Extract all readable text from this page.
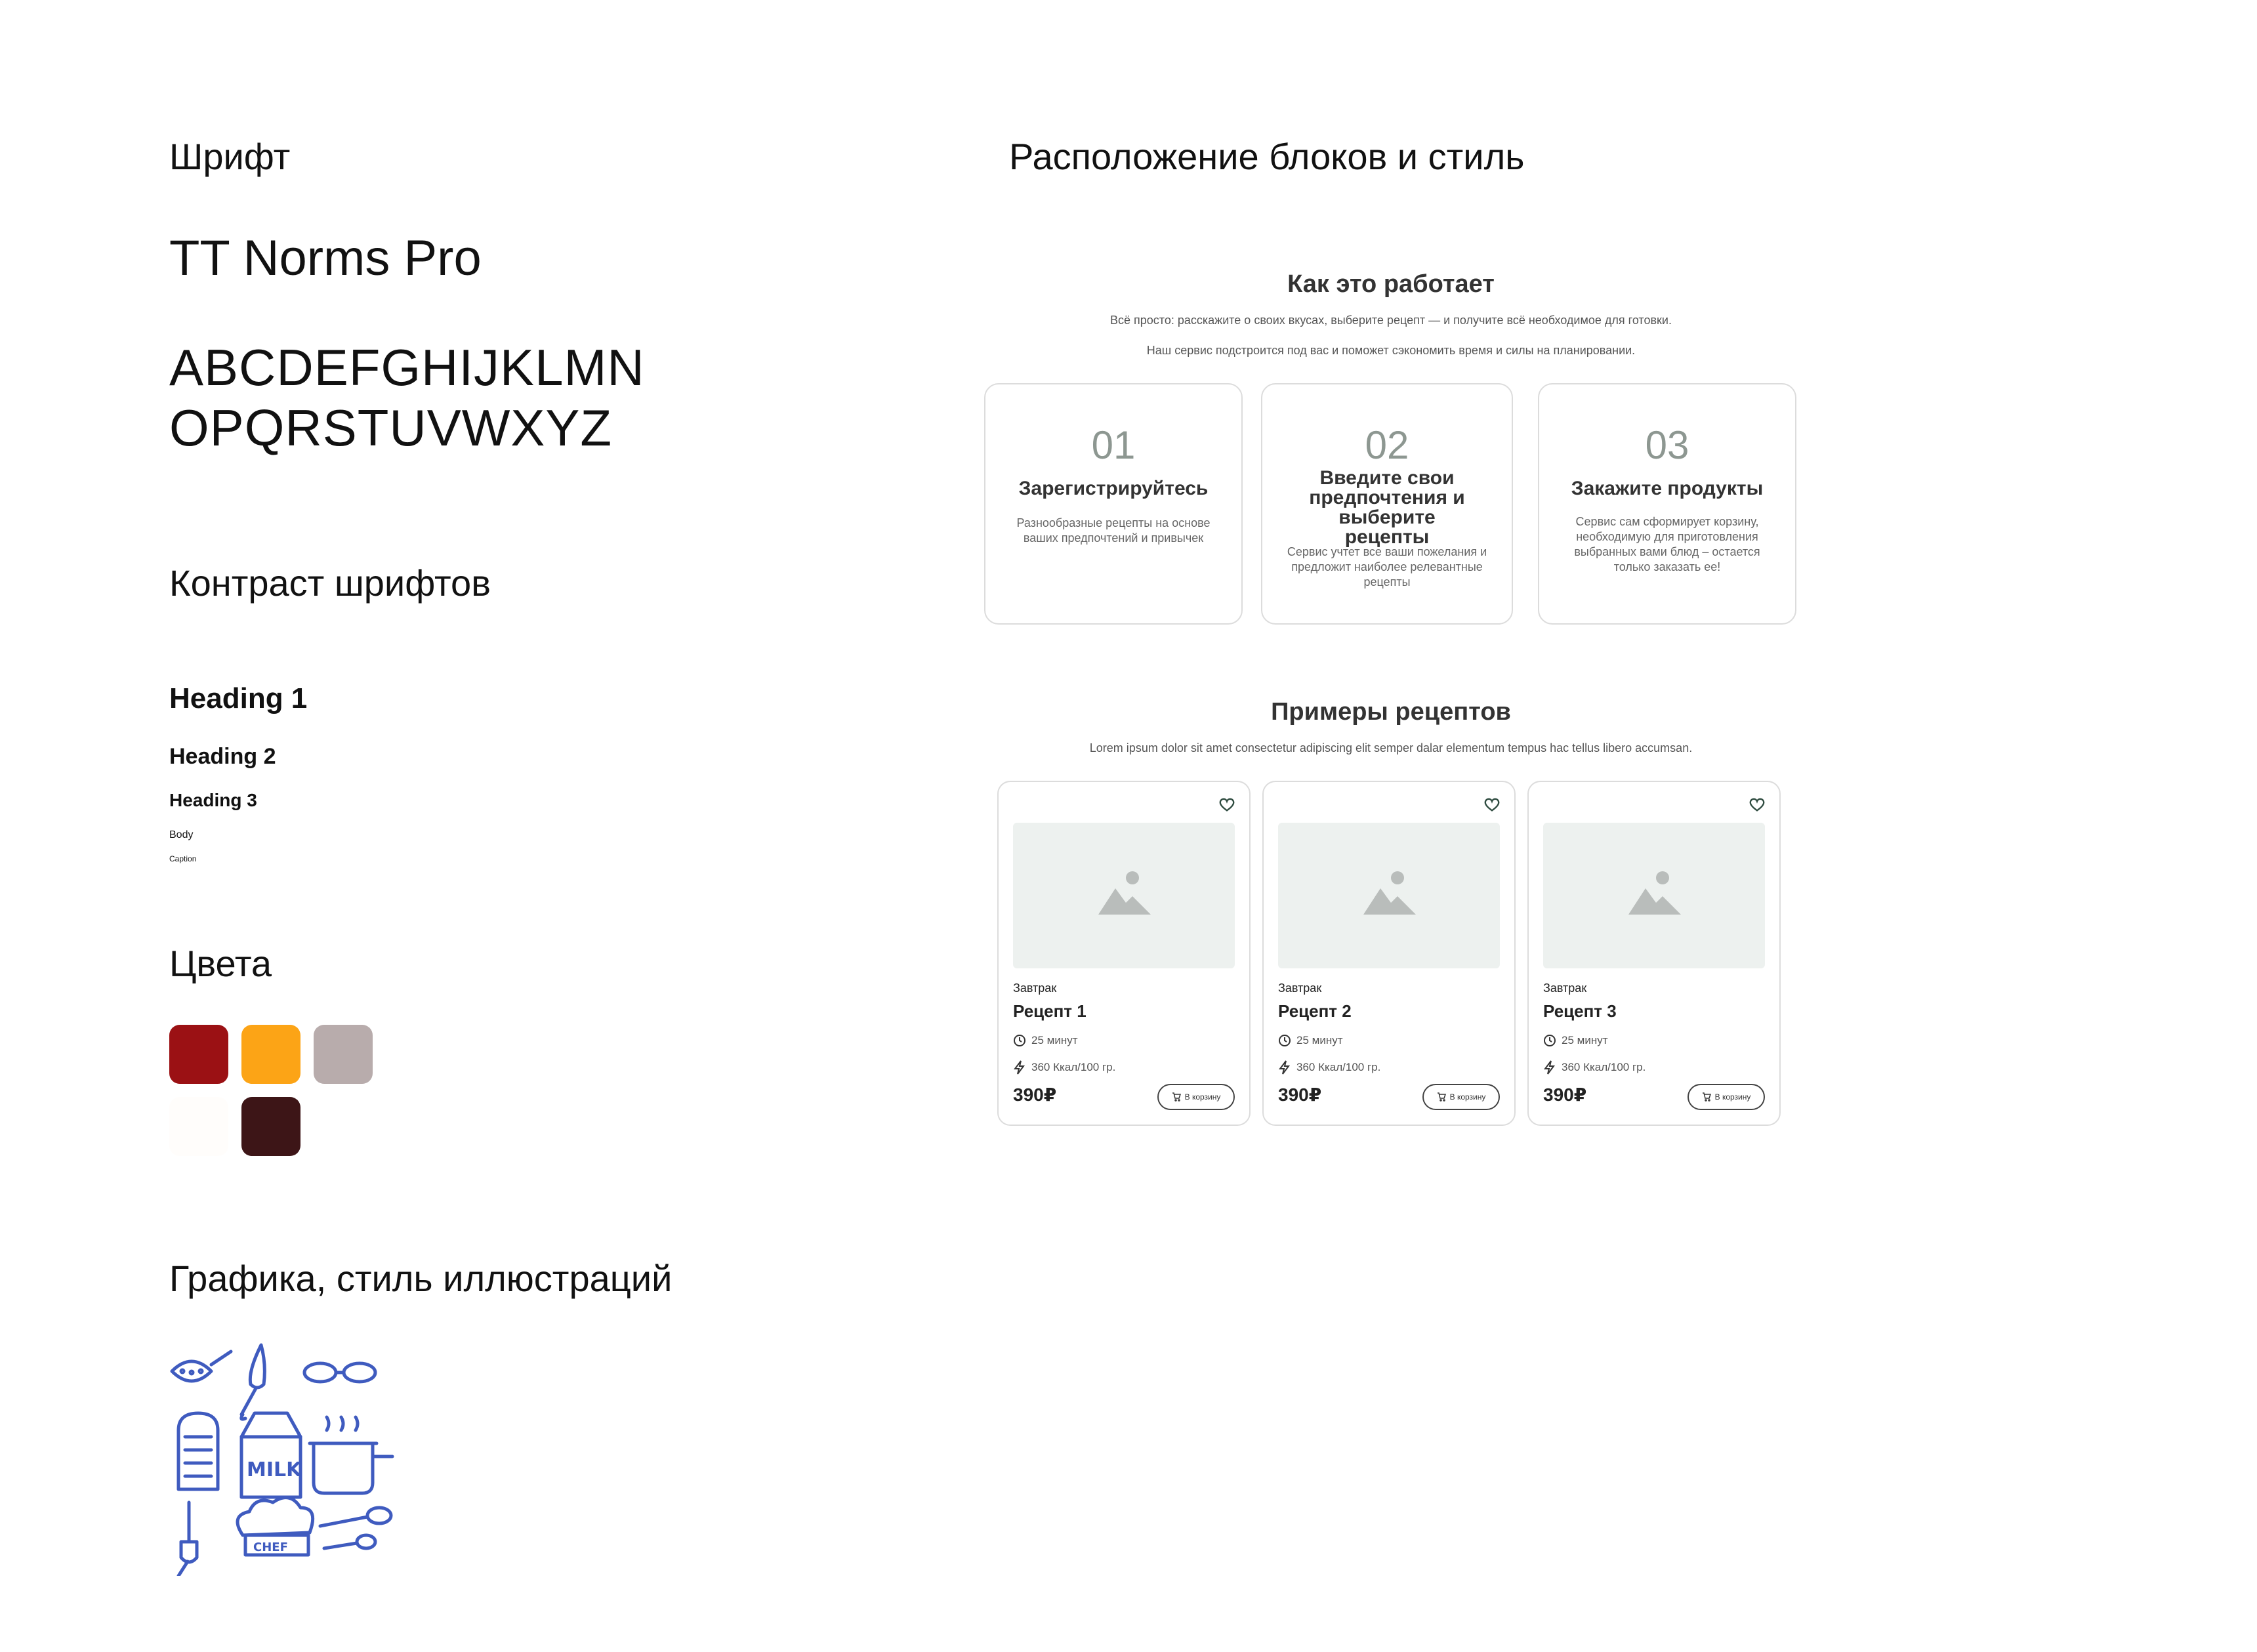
Шрифт
TT Norms Pro
ABCDEFGHIJKLMN
OPQRSTUVWXYZ
Контраст шрифтов
Heading 1
Heading 2
Heading 3
Body
Caption
Цвета
Графика, стиль иллюстраций
MILK
CHEF
Расположение блоков и стиль
Как это работает
Всё просто: расскажите о своих вкусах, выберите рецепт — и получите всё необходимое для готовки.
Наш сервис подстроится под вас и поможет сэкономить время и силы на планировании.
01
Зарегистрируйтесь
Разнообразные рецепты на основе ваших предпочтений и привычек
02
Введите свои предпочтения и выберите рецепты
Сервис учтет все ваши пожелания и предложит наиболее релевантные рецепты
03
Закажите продукты
Сервис сам сформирует корзину, необходимую для приготовления выбранных вами блюд – остается только заказать ее!
Примеры рецептов
Lorem ipsum dolor sit amet consectetur adipiscing elit semper dalar elementum tempus hac tellus libero accumsan.
Завтрак
Рецепт 1
25 минут
360 Ккал/100 гр.
390₽	В корзину
Завтрак
Рецепт 2
25 минут
360 Ккал/100 гр.
390₽	В корзину
Завтрак
Рецепт 3
25 минут
360 Ккал/100 гр.
390₽	В корзину
